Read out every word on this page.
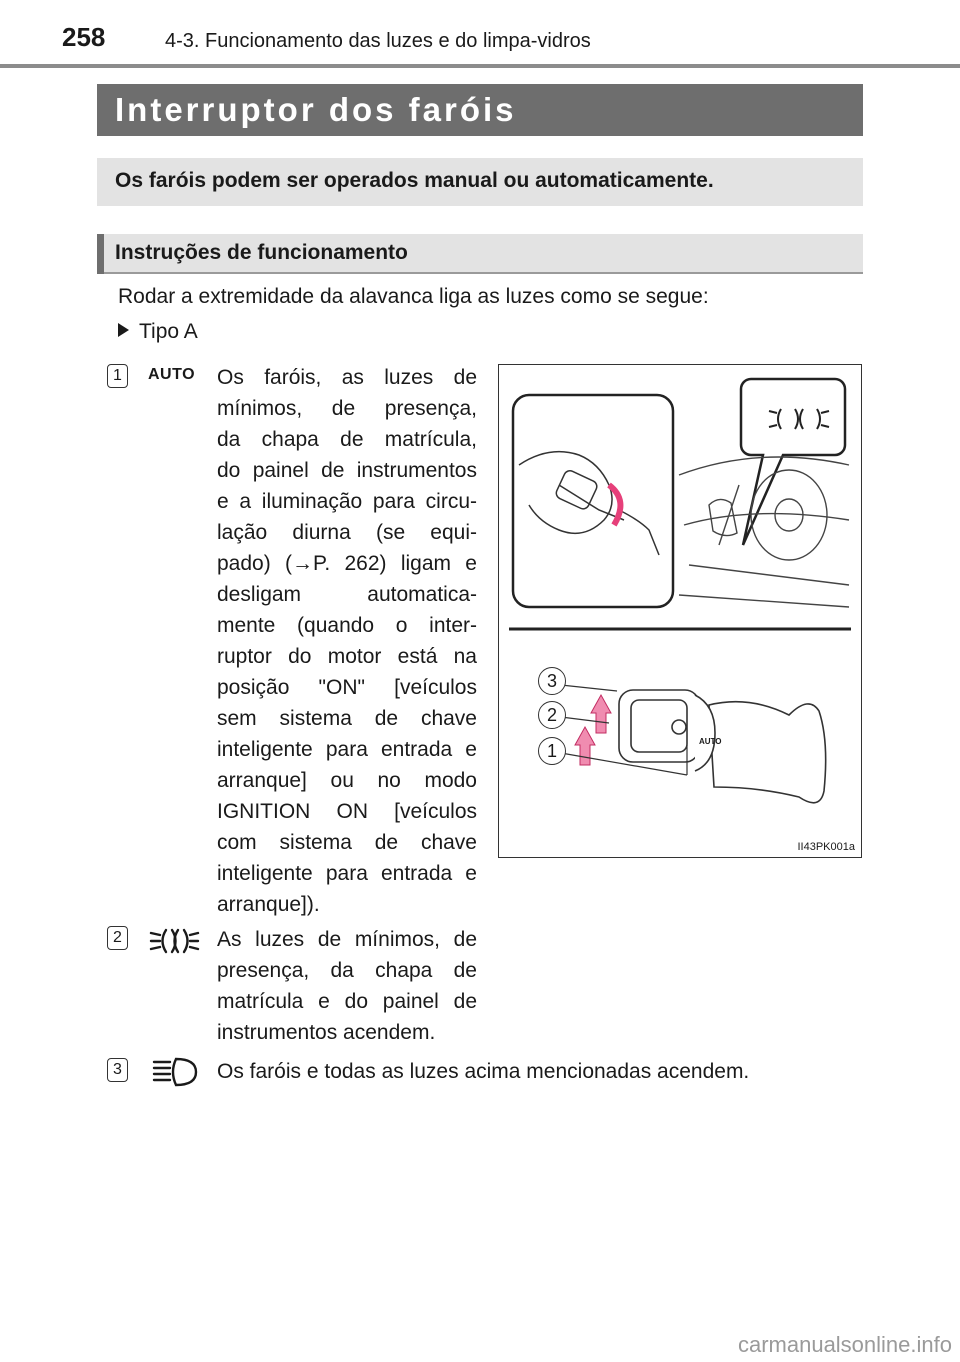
258	4-3. Funcionamento das luzes e do limpa-vidros
Interruptor dos faróis
Os faróis podem ser operados manual ou automaticamente.
Instruções de funcionamento
Rodar a extremidade da alavanca liga as luzes como se segue:
Tipo A
1	AUTO Os faróis, as luzes de
mínimos, de presença,
da chapa de matrícula,
do painel de instrumentos
e a iluminação para circu-
lação diurna (se equi-
pado) (→P. 262) ligam e
desligam automatica-
mente (quando o inter-
ruptor do motor está na
posição "ON" [veículos
sem sistema de chave
inteligente para entrada e
arranque] ou no modo
IGNITION ON [veículos
com sistema de chave
inteligente para entrada e
arranque]).
3
2
1	AUTO
II43PK001a
2	As luzes de mínimos, de
presença, da chapa de
matrícula e do painel de
instrumentos acendem.
3	Os faróis e todas as luzes acima mencionadas acendem.
carmanualsonline.info
